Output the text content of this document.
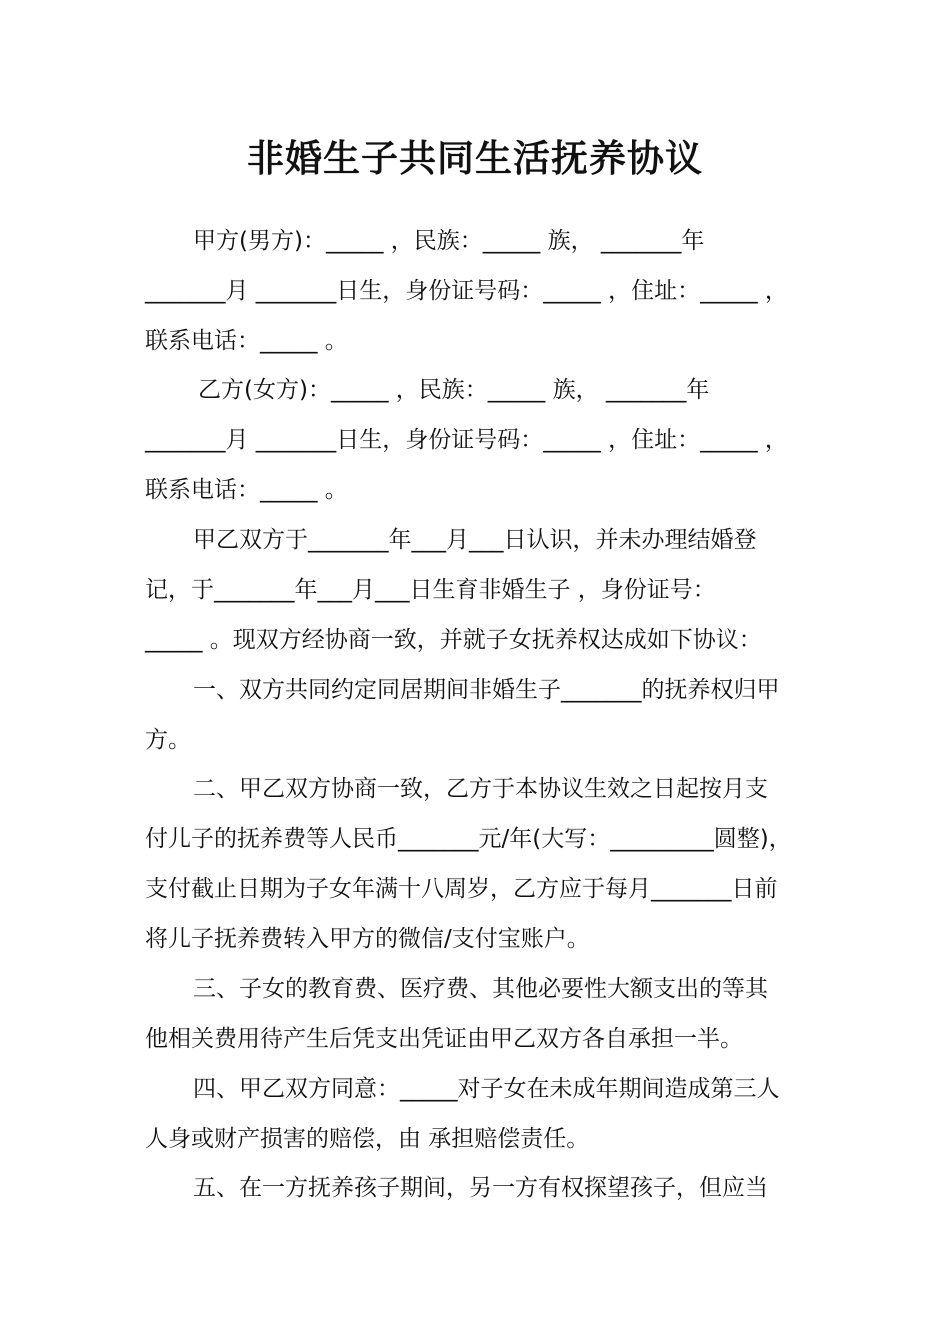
非婚生子共同生活抚养协议

甲方(男方)：_____ ，民族：_____ 族， _______年

_______月 _______日生，身份证号码：_____ ，住址：_____ ，

联系电话：_____ 。

乙方(女方)：_____ ，民族：_____ 族， _______年

_______月 _______日生，身份证号码：_____ ，住址：_____ ，

联系电话：_____ 。

甲乙双方于_______年___月___日认识，并未办理结婚登

记，于_______年___月___日生育非婚生子 ，身份证号：

_____ 。现双方经协商一致，并就子女抚养权达成如下协议：

一、双方共同约定同居期间非婚生子_______的抚养权归甲

方。

二、甲乙双方协商一致，乙方于本协议生效之日起按月支

付儿子的抚养费等人民币_______元/年(大写：_________圆整)，

支付截止日期为子女年满十八周岁，乙方应于每月_______日前

将儿子抚养费转入甲方的微信/支付宝账户。

三、子女的教育费、医疗费、其他必要性大额支出的等其

他相关费用待产生后凭支出凭证由甲乙双方各自承担一半。

四、甲乙双方同意：_____对子女在未成年期间造成第三人

人身或财产损害的赔偿，由 承担赔偿责任。

五、在一方抚养孩子期间，另一方有权探望孩子，但应当
